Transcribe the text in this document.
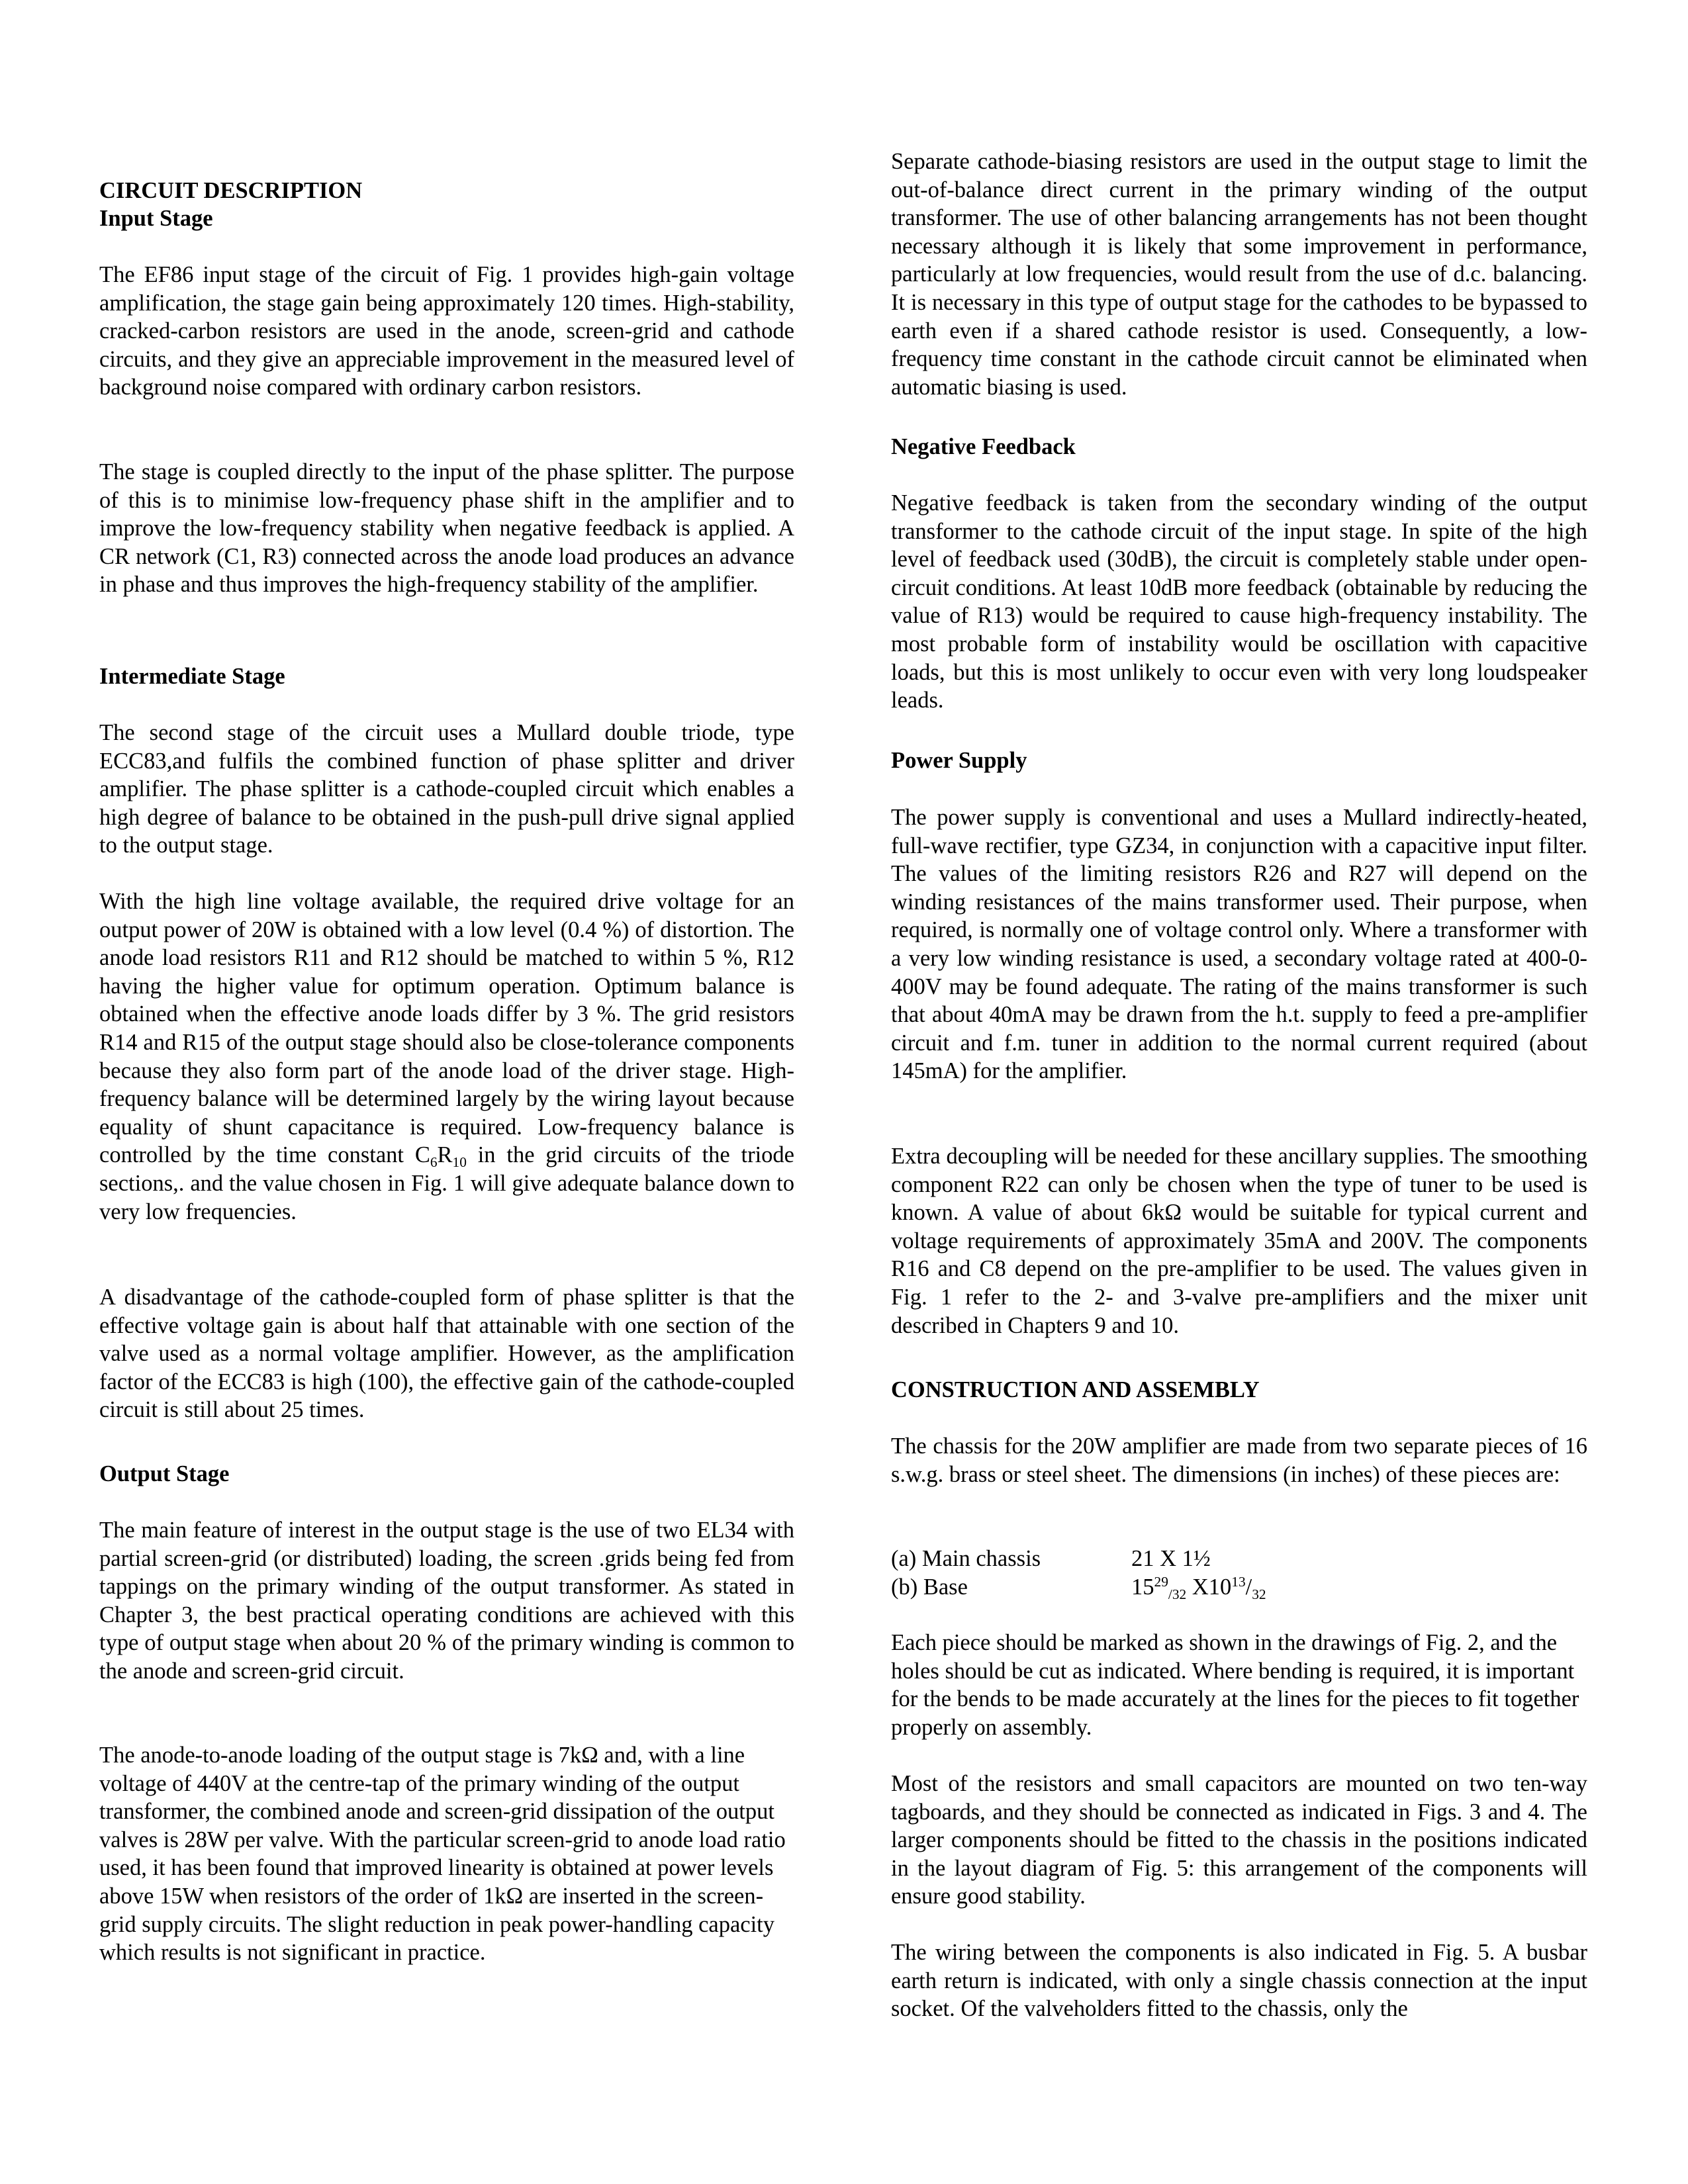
CIRCUIT DESCRIPTION
Input Stage

The EF86 input stage of the circuit of Fig. 1 provides high-gain voltage amplification, the stage gain being approximately 120 times. High-stability, cracked-carbon resistors are used in the anode, screen-grid and cathode circuits, and they give an appreciable improvement in the measured level of background noise compared with ordinary carbon resistors.

The stage is coupled directly to the input of the phase splitter. The purpose of this is to minimise low-frequency phase shift in the amplifier and to improve the low-frequency stability when negative feedback is applied. A CR network (C1, R3) connected across the anode load produces an advance in phase and thus improves the high-frequency stability of the amplifier.

Intermediate Stage

The second stage of the circuit uses a Mullard double triode, type ECC83,and fulfils the combined function of phase splitter and driver amplifier. The phase splitter is a cathode-coupled circuit which enables a high degree of balance to be obtained in the push-pull drive signal applied to the output stage.

With the high line voltage available, the required drive voltage for an output power of 20W is obtained with a low level (0.4 %) of distortion. The anode load resistors R11 and R12 should be matched to within 5 %, R12 having the higher value for optimum operation. Optimum balance is obtained when the effective anode loads differ by 3 %. The grid resistors R14 and R15 of the output stage should also be close-tolerance components because they also form part of the anode load of the driver stage. High-frequency balance will be determined largely by the wiring layout because equality of shunt capacitance is required. Low-frequency balance is controlled by the time constant $C_6R_{10}$ in the grid circuits of the triode sections,. and the value chosen in Fig. 1 will give adequate balance down to very low frequencies.

A disadvantage of the cathode-coupled form of phase splitter is that the effective voltage gain is about half that attainable with one section of the valve used as a normal voltage amplifier. However, as the amplification factor of the ECC83 is high (100), the effective gain of the cathode-coupled circuit is still about 25 times.

Output Stage

The main feature of interest in the output stage is the use of two EL34 with partial screen-grid (or distributed) loading, the screen .grids being fed from tappings on the primary winding of the output transformer. As stated in Chapter 3, the best practical operating conditions are achieved with this type of output stage when about 20 % of the primary winding is common to the anode and screen-grid circuit.

The anode-to-anode loading of the output stage is 7kΩ and, with a line voltage of 440V at the centre-tap of the primary winding of the output transformer, the combined anode and screen-grid dissipation of the output valves is 28W per valve. With the particular screen-grid to anode load ratio used, it has been found that improved linearity is obtained at power levels above 15W when resistors of the order of 1kΩ are inserted in the screen-grid supply circuits. The slight reduction in peak power-handling capacity which results is not significant in practice.

Separate cathode-biasing resistors are used in the output stage to limit the out-of-balance direct current in the primary winding of the output transformer. The use of other balancing arrangements has not been thought necessary although it is likely that some improvement in performance, particularly at low frequencies, would result from the use of d.c. balancing. It is necessary in this type of output stage for the cathodes to be bypassed to earth even if a shared cathode resistor is used. Consequently, a low-frequency time constant in the cathode circuit cannot be eliminated when automatic biasing is used.

Negative Feedback

Negative feedback is taken from the secondary winding of the output transformer to the cathode circuit of the input stage. In spite of the high level of feedback used (30dB), the circuit is completely stable under open-circuit conditions. At least 10dB more feedback (obtainable by reducing the value of R13) would be required to cause high-frequency instability. The most probable form of instability would be oscillation with capacitive loads, but this is most unlikely to occur even with very long loudspeaker leads.

Power Supply

The power supply is conventional and uses a Mullard indirectly-heated, full-wave rectifier, type GZ34, in conjunction with a capacitive input filter. The values of the limiting resistors R26 and R27 will depend on the winding resistances of the mains transformer used. Their purpose, when required, is normally one of voltage control only. Where a transformer with a very low winding resistance is used, a secondary voltage rated at 400-0-400V may be found adequate. The rating of the mains transformer is such that about 40mA may be drawn from the h.t. supply to feed a pre-amplifier circuit and f.m. tuner in addition to the normal current required (about 145mA) for the amplifier.

Extra decoupling will be needed for these ancillary supplies. The smoothing component R22 can only be chosen when the type of tuner to be used is known. A value of about 6kΩ would be suitable for typical current and voltage requirements of approximately 35mA and 200V. The components R16 and C8 depend on the pre-amplifier to be used. The values given in Fig. 1 refer to the 2- and 3-valve pre-amplifiers and the mixer unit described in Chapters 9 and 10.

CONSTRUCTION AND ASSEMBLY

The chassis for the 20W amplifier are made from two separate pieces of 16 s.w.g. brass or steel sheet. The dimensions (in inches) of these pieces are:

(a) Main chassis	21 X 1½
(b) Base	$15^{29}_{/32}$ $X10^{13}/_{32}$

Each piece should be marked as shown in the drawings of Fig. 2, and the holes should be cut as indicated. Where bending is required, it is important for the bends to be made accurately at the lines for the pieces to fit together properly on assembly.

Most of the resistors and small capacitors are mounted on two ten-way tagboards, and they should be connected as indicated in Figs. 3 and 4. The larger components should be fitted to the chassis in the positions indicated in the layout diagram of Fig. 5: this arrangement of the components will ensure good stability.

The wiring between the components is also indicated in Fig. 5. A busbar earth return is indicated, with only a single chassis connection at the input socket. Of the valveholders fitted to the chassis, only the
